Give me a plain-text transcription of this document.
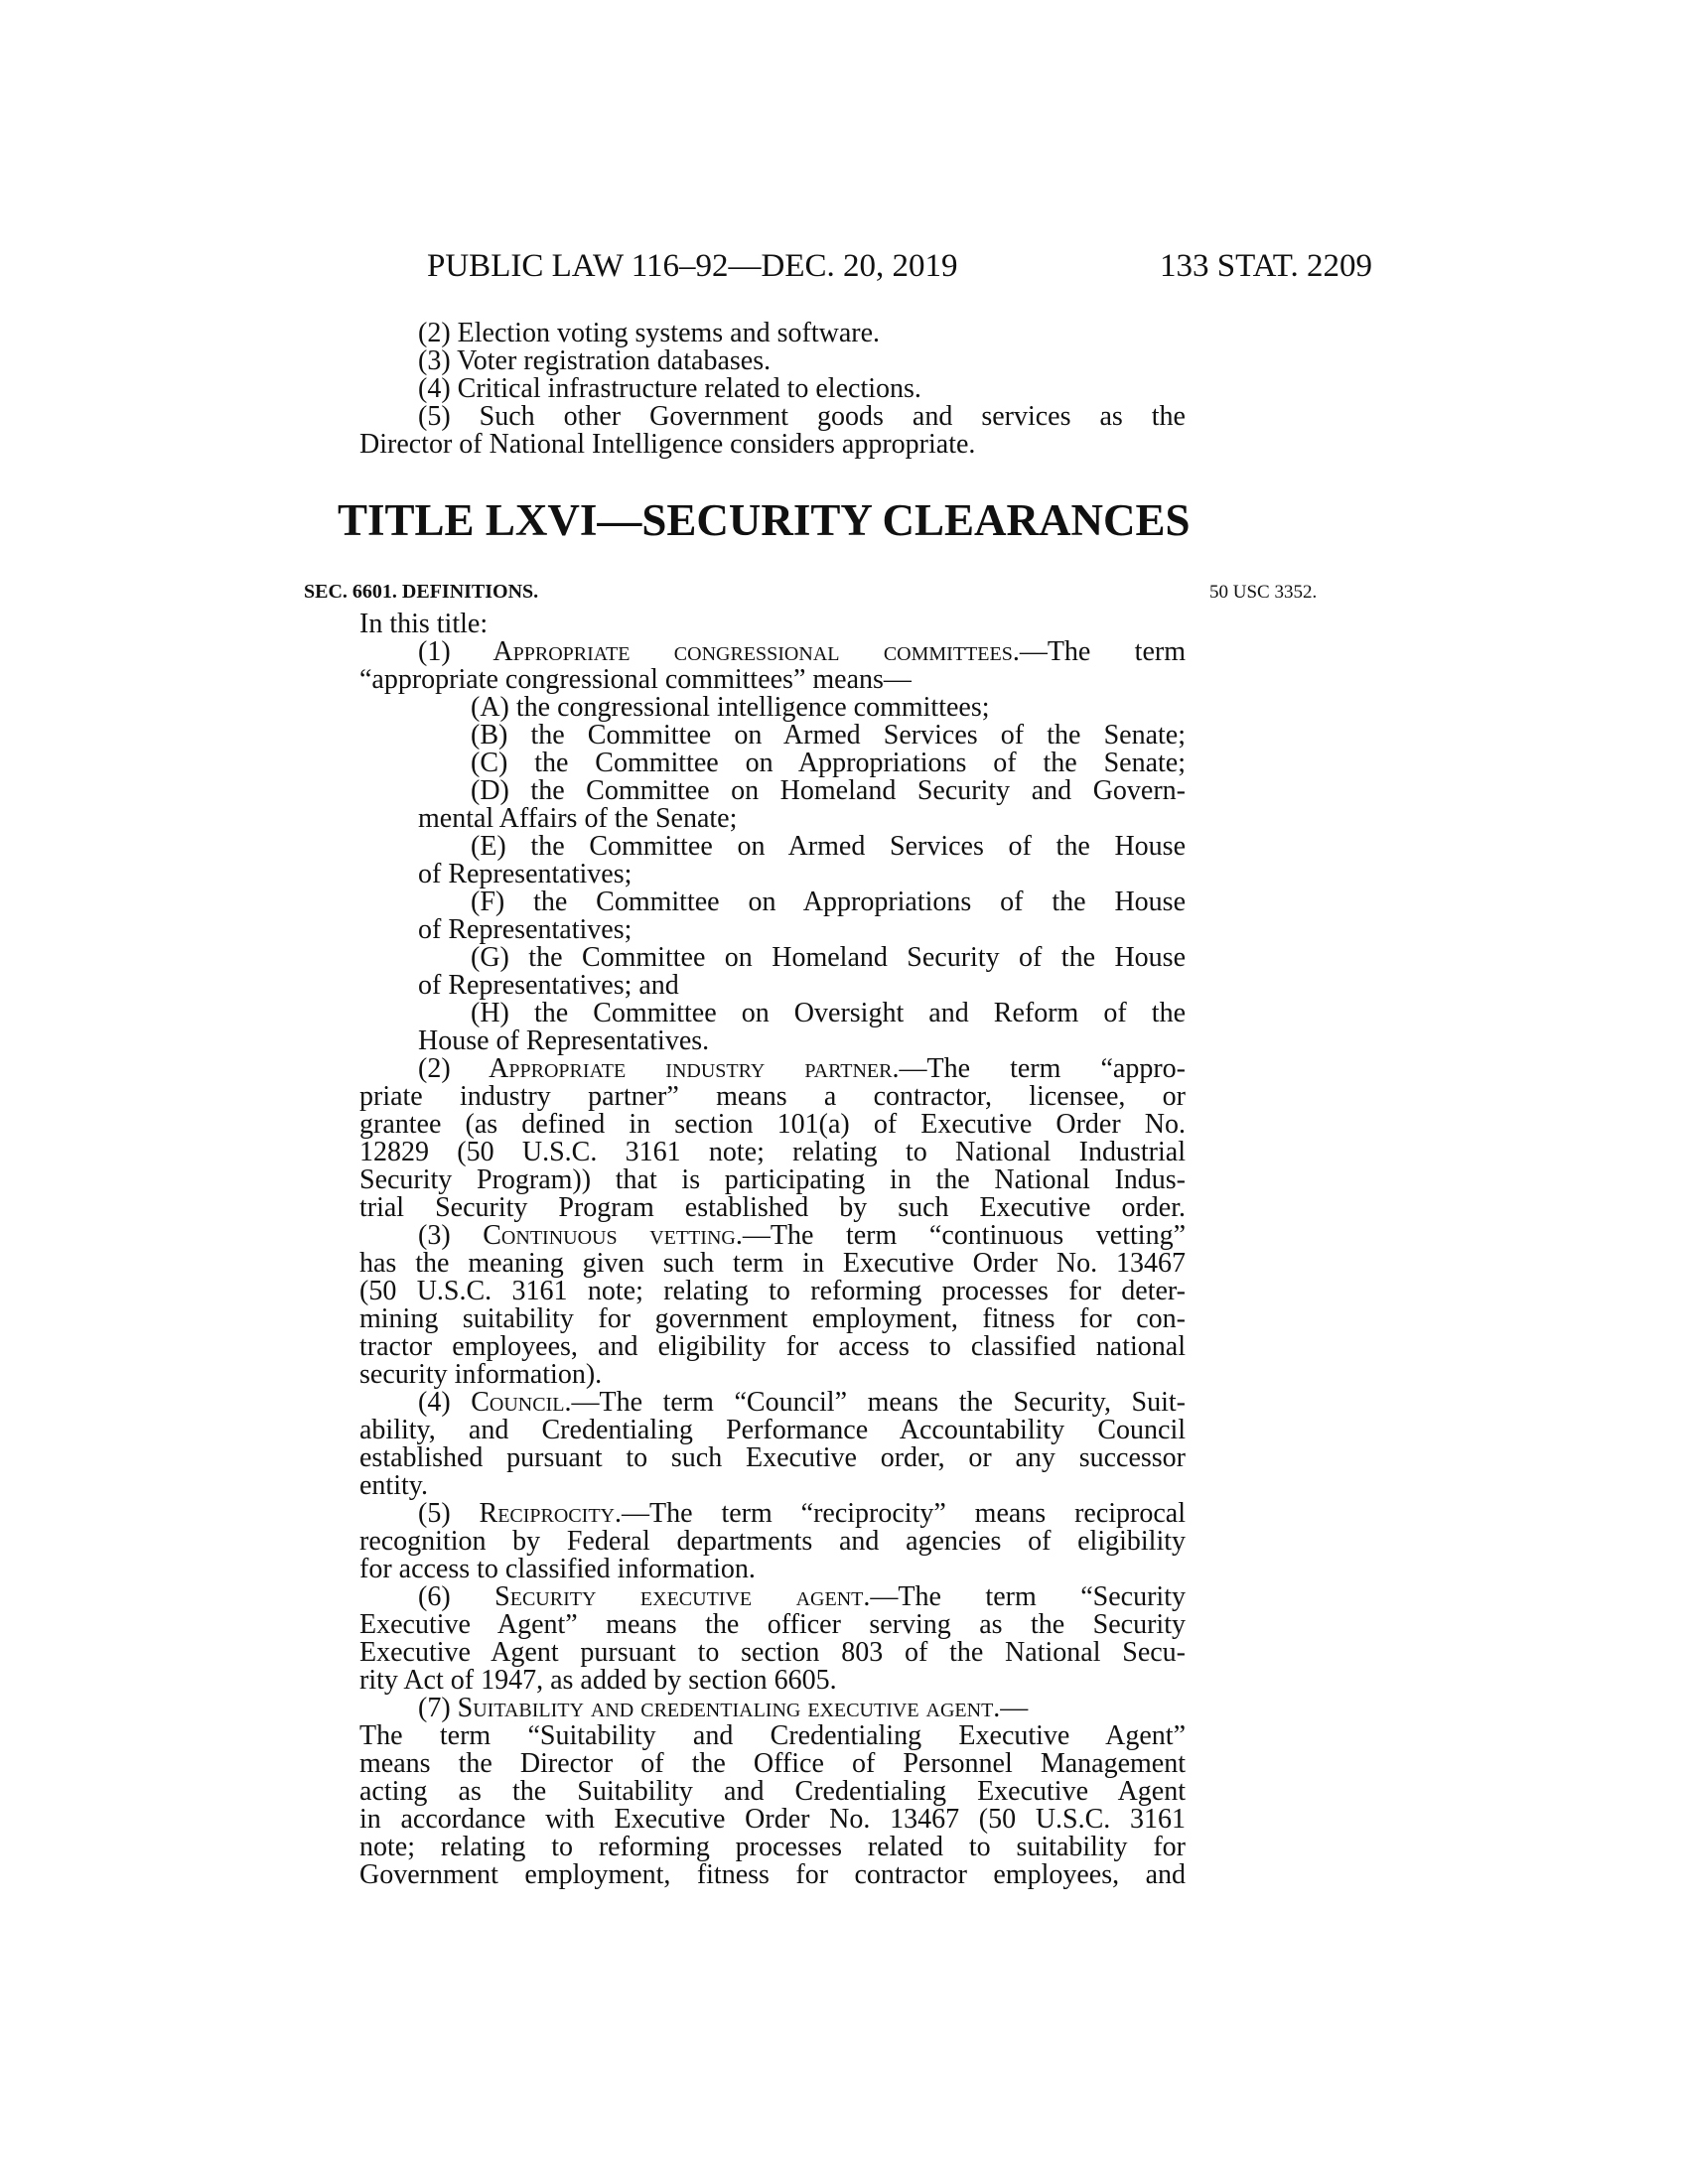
PUBLIC LAW 116–92—DEC. 20, 2019	133 STAT. 2209
(2) Election voting systems and software.
(3) Voter registration databases.
(4) Critical infrastructure related to elections.
(5) Such other Government goods and services as the
Director of National Intelligence considers appropriate.
TITLE LXVI—SECURITY CLEARANCES
SEC. 6601. DEFINITIONS.	50 USC 3352.
In this title:
(1) Appropriate congressional committees.—The term
“appropriate congressional committees” means—
(A) the congressional intelligence committees;
(B) the Committee on Armed Services of the Senate;
(C) the Committee on Appropriations of the Senate;
(D) the Committee on Homeland Security and Govern-
mental Affairs of the Senate;
(E) the Committee on Armed Services of the House
of Representatives;
(F) the Committee on Appropriations of the House
of Representatives;
(G) the Committee on Homeland Security of the House
of Representatives; and
(H) the Committee on Oversight and Reform of the
House of Representatives.
(2) Appropriate industry partner.—The term “appro-
priate industry partner” means a contractor, licensee, or
grantee (as defined in section 101(a) of Executive Order No.
12829 (50 U.S.C. 3161 note; relating to National Industrial
Security Program)) that is participating in the National Indus-
trial Security Program established by such Executive order.
(3) Continuous vetting.—The term “continuous vetting”
has the meaning given such term in Executive Order No. 13467
(50 U.S.C. 3161 note; relating to reforming processes for deter-
mining suitability for government employment, fitness for con-
tractor employees, and eligibility for access to classified national
security information).
(4) Council.—The term “Council” means the Security, Suit-
ability, and Credentialing Performance Accountability Council
established pursuant to such Executive order, or any successor
entity.
(5) Reciprocity.—The term “reciprocity” means reciprocal
recognition by Federal departments and agencies of eligibility
for access to classified information.
(6) Security executive agent.—The term “Security
Executive Agent” means the officer serving as the Security
Executive Agent pursuant to section 803 of the National Secu-
rity Act of 1947, as added by section 6605.
(7) Suitability and credentialing executive agent.—
The term “Suitability and Credentialing Executive Agent”
means the Director of the Office of Personnel Management
acting as the Suitability and Credentialing Executive Agent
in accordance with Executive Order No. 13467 (50 U.S.C. 3161
note; relating to reforming processes related to suitability for
Government employment, fitness for contractor employees, and
